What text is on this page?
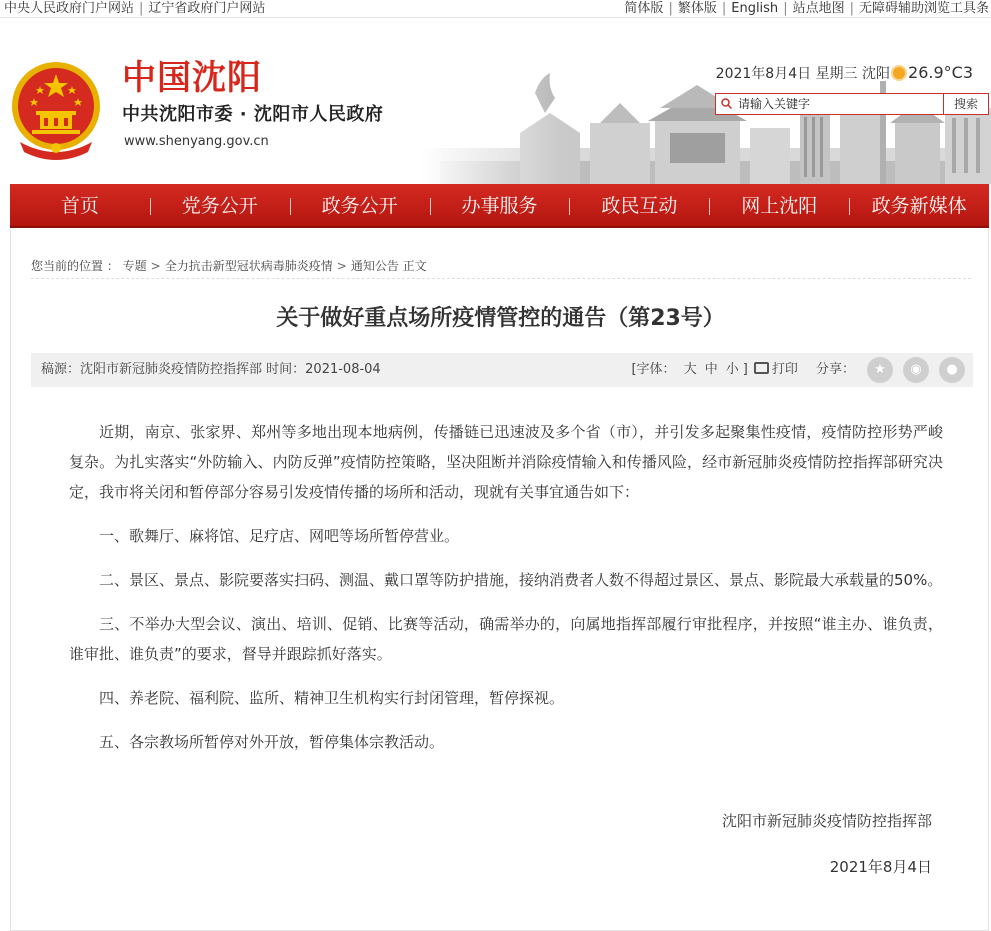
中央人民政府门户网站 | 辽宁省政府门户网站	简体版 | 繁体版 | English | 站点地图 | 无障碍辅助浏览工具条
中国沈阳
中共沈阳市委 · 沈阳市人民政府
www.shenyang.gov.cn
2021年8月4日 星期三 沈阳 26.9°C3
请输入关键字
搜索
首页	党务公开	政务公开	办事服务	政民互动	网上沈阳	政务新媒体
您当前的位置 ： 专题 > 全力抗击新型冠状病毒肺炎疫情 > 通知公告 正文
关于做好重点场所疫情管控的通告（第23号）
稿源：沈阳市新冠肺炎疫情防控指挥部 时间：2021-08-04	[字体： 大 中 小 ] 打印 分享：	★	◉	●

近期，南京、张家界、郑州等多地出现本地病例，传播链已迅速波及多个省（市），并引发多起聚集性疫情，疫情防控形势严峻复杂。为扎实落实“外防输入、内防反弹”疫情防控策略，坚决阻断并消除疫情输入和传播风险，经市新冠肺炎疫情防控指挥部研究决定，我市将关闭和暂停部分容易引发疫情传播的场所和活动，现就有关事宜通告如下：

一、歌舞厅、麻将馆、足疗店、网吧等场所暂停营业。

二、景区、景点、影院要落实扫码、测温、戴口罩等防护措施，接纳消费者人数不得超过景区、景点、影院最大承载量的50%。

三、不举办大型会议、演出、培训、促销、比赛等活动，确需举办的，向属地指挥部履行审批程序，并按照“谁主办、谁负责，谁审批、谁负责”的要求，督导并跟踪抓好落实。

四、养老院、福利院、监所、精神卫生机构实行封闭管理，暂停探视。

五、各宗教场所暂停对外开放，暂停集体宗教活动。

沈阳市新冠肺炎疫情防控指挥部
2021年8月4日
